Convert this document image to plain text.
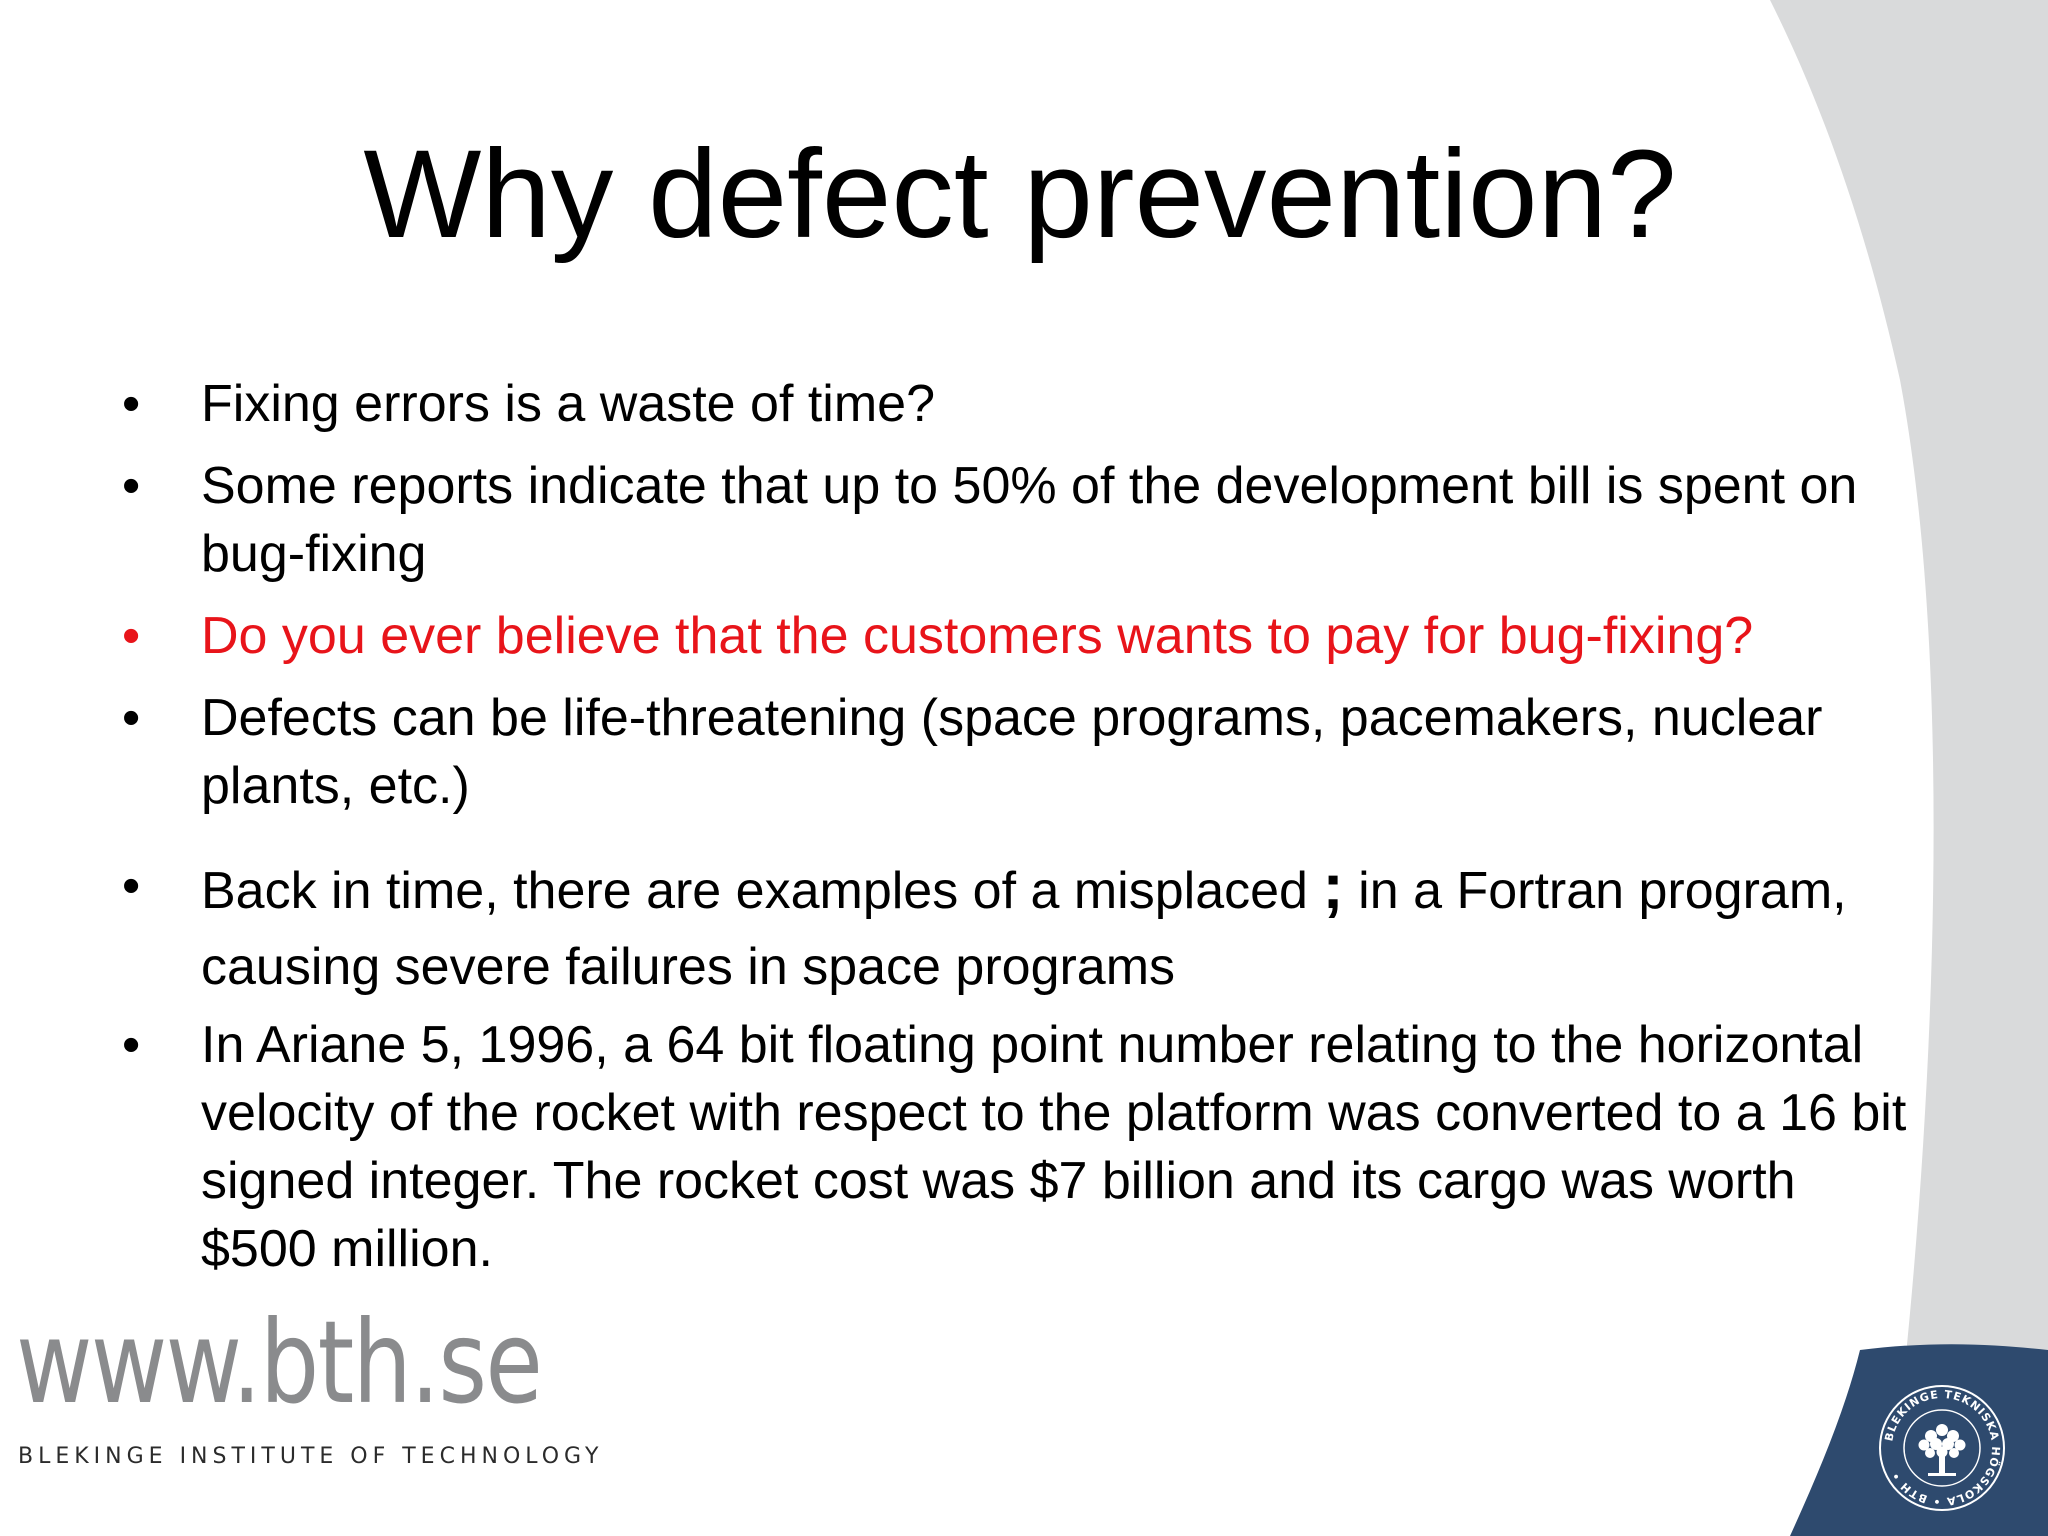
Why defect prevention?
• Fixing errors is a waste of time?
• Some reports indicate that up to 50% of the development bill is spent on bug-fixing
• Do you ever believe that the customers wants to pay for bug-fixing?
• Defects can be life-threatening (space programs, pacemakers, nuclear plants, etc.)
• Back in time, there are examples of a misplaced ; in a Fortran program, causing severe failures in space programs
• In Ariane 5, 1996, a 64 bit floating point number relating to the horizontal velocity of the rocket with respect to the platform was converted to a 16 bit signed integer. The rocket cost was $7 billion and its cargo was worth $500 million.
www.bth.se
BLEKINGE INSTITUTE OF TECHNOLOGY
BLEKINGE TEKNISKA HÖGSKOLA • BTH •
